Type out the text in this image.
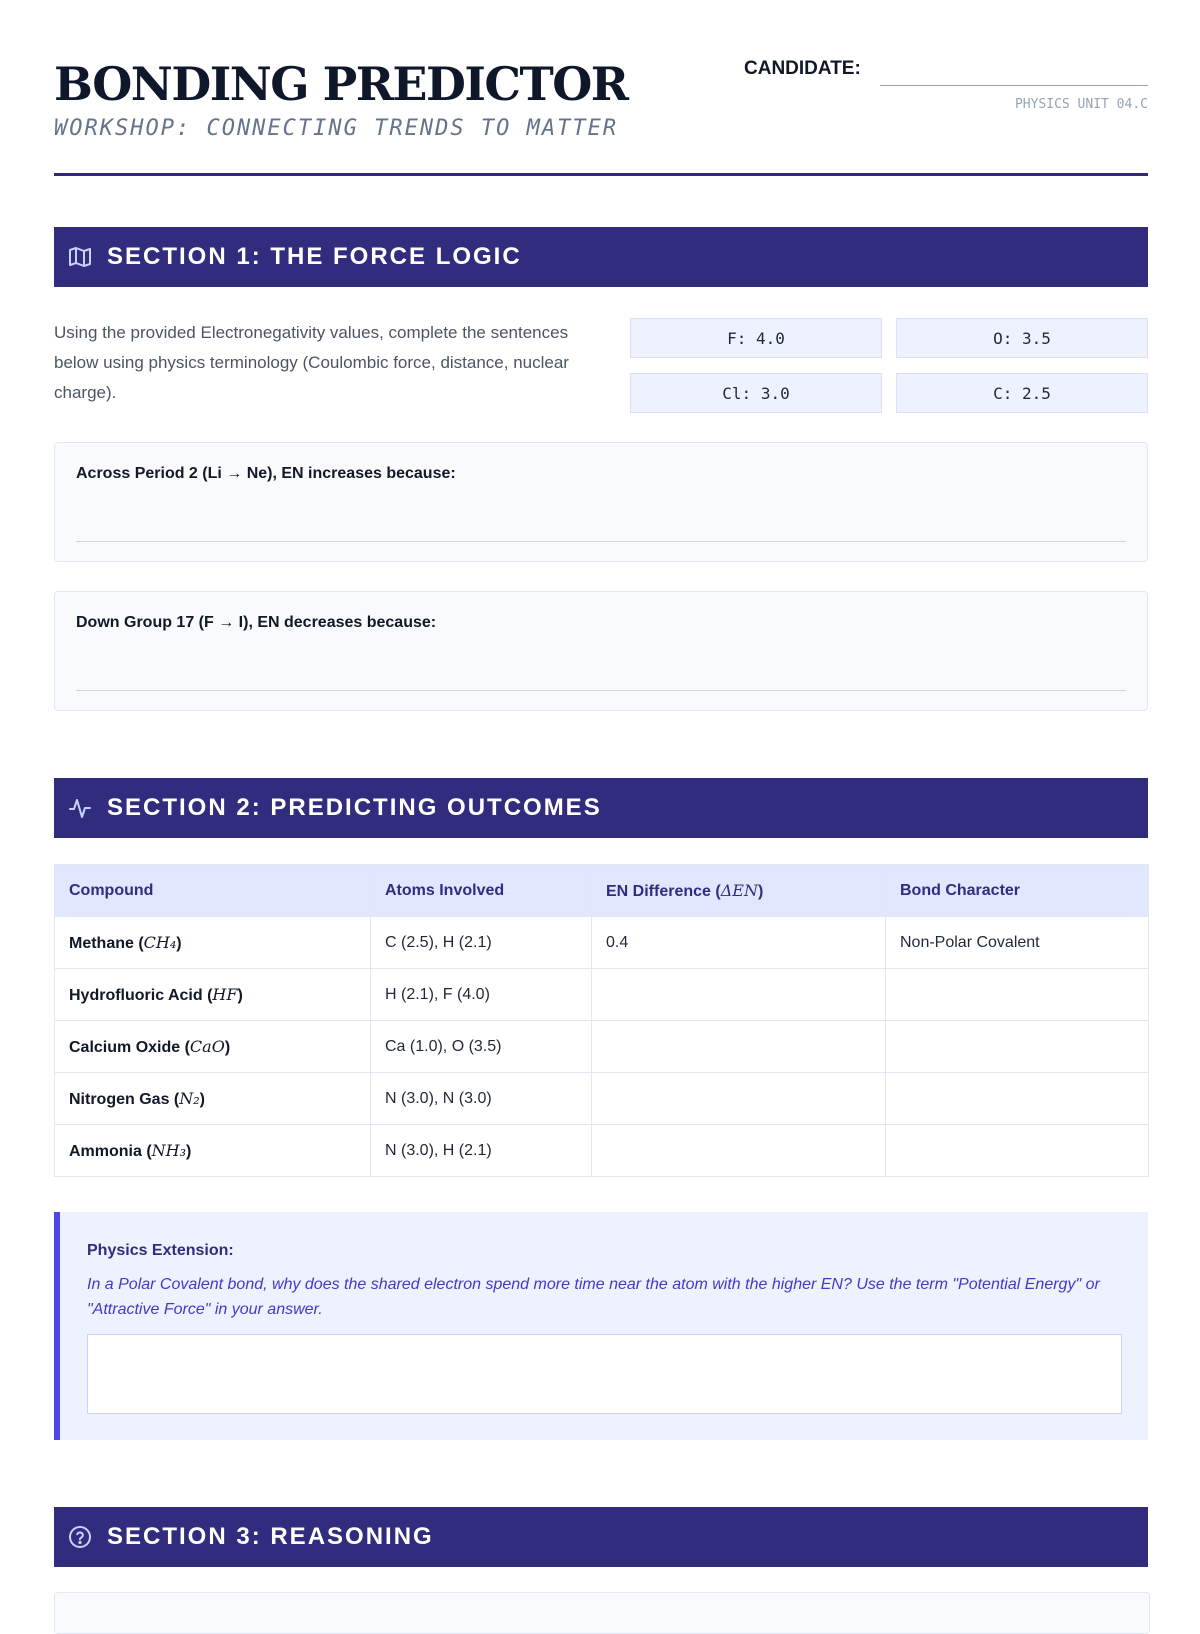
BONDING PREDICTOR
WORKSHOP: CONNECTING TRENDS TO MATTER
CANDIDATE:
PHYSICS UNIT 04.C
SECTION 1: THE FORCE LOGIC
Using the provided Electronegativity values, complete the sentences below using physics terminology (Coulombic force, distance, nuclear charge).
F: 4.0	O: 3.5
Cl: 3.0	C: 2.5
Across Period 2 (Li → Ne), EN increases because:
Down Group 17 (F → I), EN decreases because:
SECTION 2: PREDICTING OUTCOMES
Compound	Atoms Involved	EN Difference (ΔEN)	Bond Character
Methane (CH₄)	C (2.5), H (2.1)	0.4	Non-Polar Covalent
Hydrofluoric Acid (HF)	H (2.1), F (4.0)		
Calcium Oxide (CaO)	Ca (1.0), O (3.5)		
Nitrogen Gas (N₂)	N (3.0), N (3.0)		
Ammonia (NH₃)	N (3.0), H (2.1)		
Physics Extension:
In a Polar Covalent bond, why does the shared electron spend more time near the atom with the higher EN? Use the term "Potential Energy" or "Attractive Force" in your answer.
SECTION 3: REASONING
